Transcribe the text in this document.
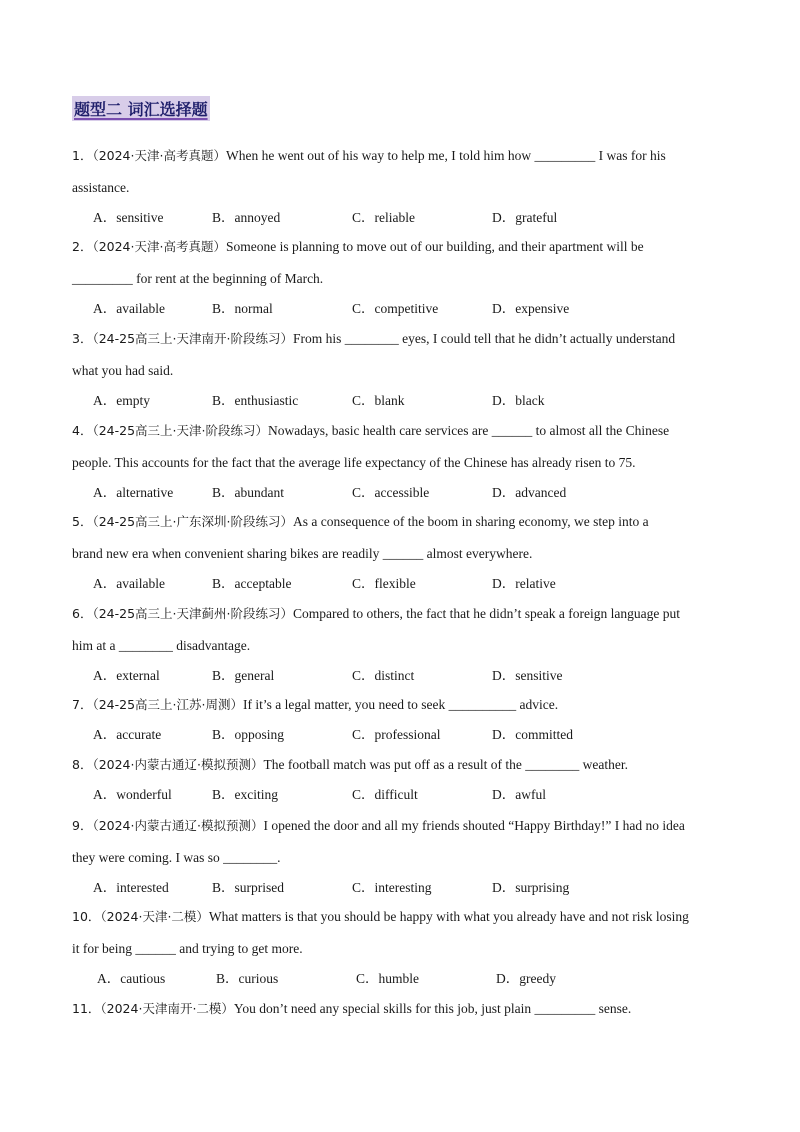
题型二 词汇选择题
1．（2024·天津·高考真题）When he went out of his way to help me, I told him how _________ I was for his
assistance.
A．sensitive	B．annoyed	C．reliable	D．grateful
2．（2024·天津·高考真题）Someone is planning to move out of our building, and their apartment will be
_________ for rent at the beginning of March.
A．available	B．normal	C．competitive	D．expensive
3．（24-25高三上·天津南开·阶段练习）From his ________ eyes, I could tell that he didn’t actually understand
what you had said.
A．empty	B．enthusiastic	C．blank	D．black
4．（24-25高三上·天津·阶段练习）Nowadays, basic health care services are ______ to almost all the Chinese
people. This accounts for the fact that the average life expectancy of the Chinese has already risen to 75.
A．alternative	B．abundant	C．accessible	D．advanced
5．（24-25高三上·广东深圳·阶段练习）As a consequence of the boom in sharing economy, we step into a
brand new era when convenient sharing bikes are readily ______ almost everywhere.
A．available	B．acceptable	C．flexible	D．relative
6．（24-25高三上·天津蓟州·阶段练习）Compared to others, the fact that he didn’t speak a foreign language put
him at a ________ disadvantage.
A．external	B．general	C．distinct	D．sensitive
7．（24-25高三上·江苏·周测）If it’s a legal matter, you need to seek __________ advice.
A．accurate	B．opposing	C．professional	D．committed
8．（2024·内蒙古通辽·模拟预测）The football match was put off as a result of the ________ weather.
A．wonderful	B．exciting	C．difficult	D．awful
9．（2024·内蒙古通辽·模拟预测）I opened the door and all my friends shouted “Happy Birthday!” I had no idea
they were coming. I was so ________.
A．interested	B．surprised	C．interesting	D．surprising
10．（2024·天津·二模）What matters is that you should be happy with what you already have and not risk losing
it for being ______ and trying to get more.
A．cautious	B．curious	C．humble	D．greedy
11．（2024·天津南开·二模）You don’t need any special skills for this job, just plain _________ sense.
